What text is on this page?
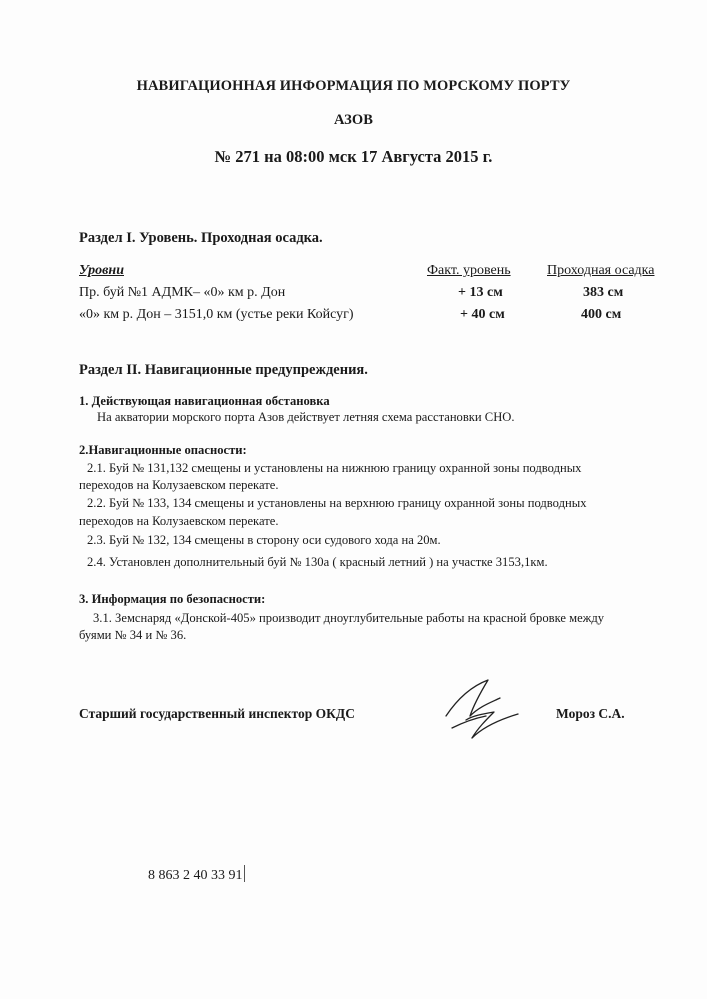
НАВИГАЦИОННАЯ ИНФОРМАЦИЯ ПО МОРСКОМУ ПОРТУ
АЗОВ
№ 271 на 08:00 мск 17 Августа 2015 г.
Раздел I. Уровень. Проходная осадка.
Уровни	Факт. уровень	Проходная осадка
Пр. буй №1 АДМК– «0» км р. Дон	+ 13 см	383 см
«0» км р. Дон – 3151,0 км (устье реки Койсуг)	+ 40 см	400 см
Раздел II. Навигационные предупреждения.
1. Действующая навигационная обстановка
На акватории морского порта Азов действует летняя схема расстановки СНО.
2.Навигационные опасности:
2.1. Буй № 131,132 смещены и установлены на нижнюю границу охранной зоны подводных
переходов на Колузаевском перекате.
2.2. Буй № 133, 134 смещены и установлены на верхнюю границу охранной зоны подводных
переходов на Колузаевском перекате.
2.3. Буй № 132, 134 смещены в сторону оси судового хода на 20м.
2.4. Установлен дополнительный буй № 130а ( красный летний ) на участке 3153,1км.
3. Информация по безопасности:
3.1. Земснаряд «Донской-405» производит дноуглубительные работы на красной бровке между
буями № 34 и № 36.
Старший государственный инспектор ОКДС	Мороз С.А.
8 863 2 40 33 91
